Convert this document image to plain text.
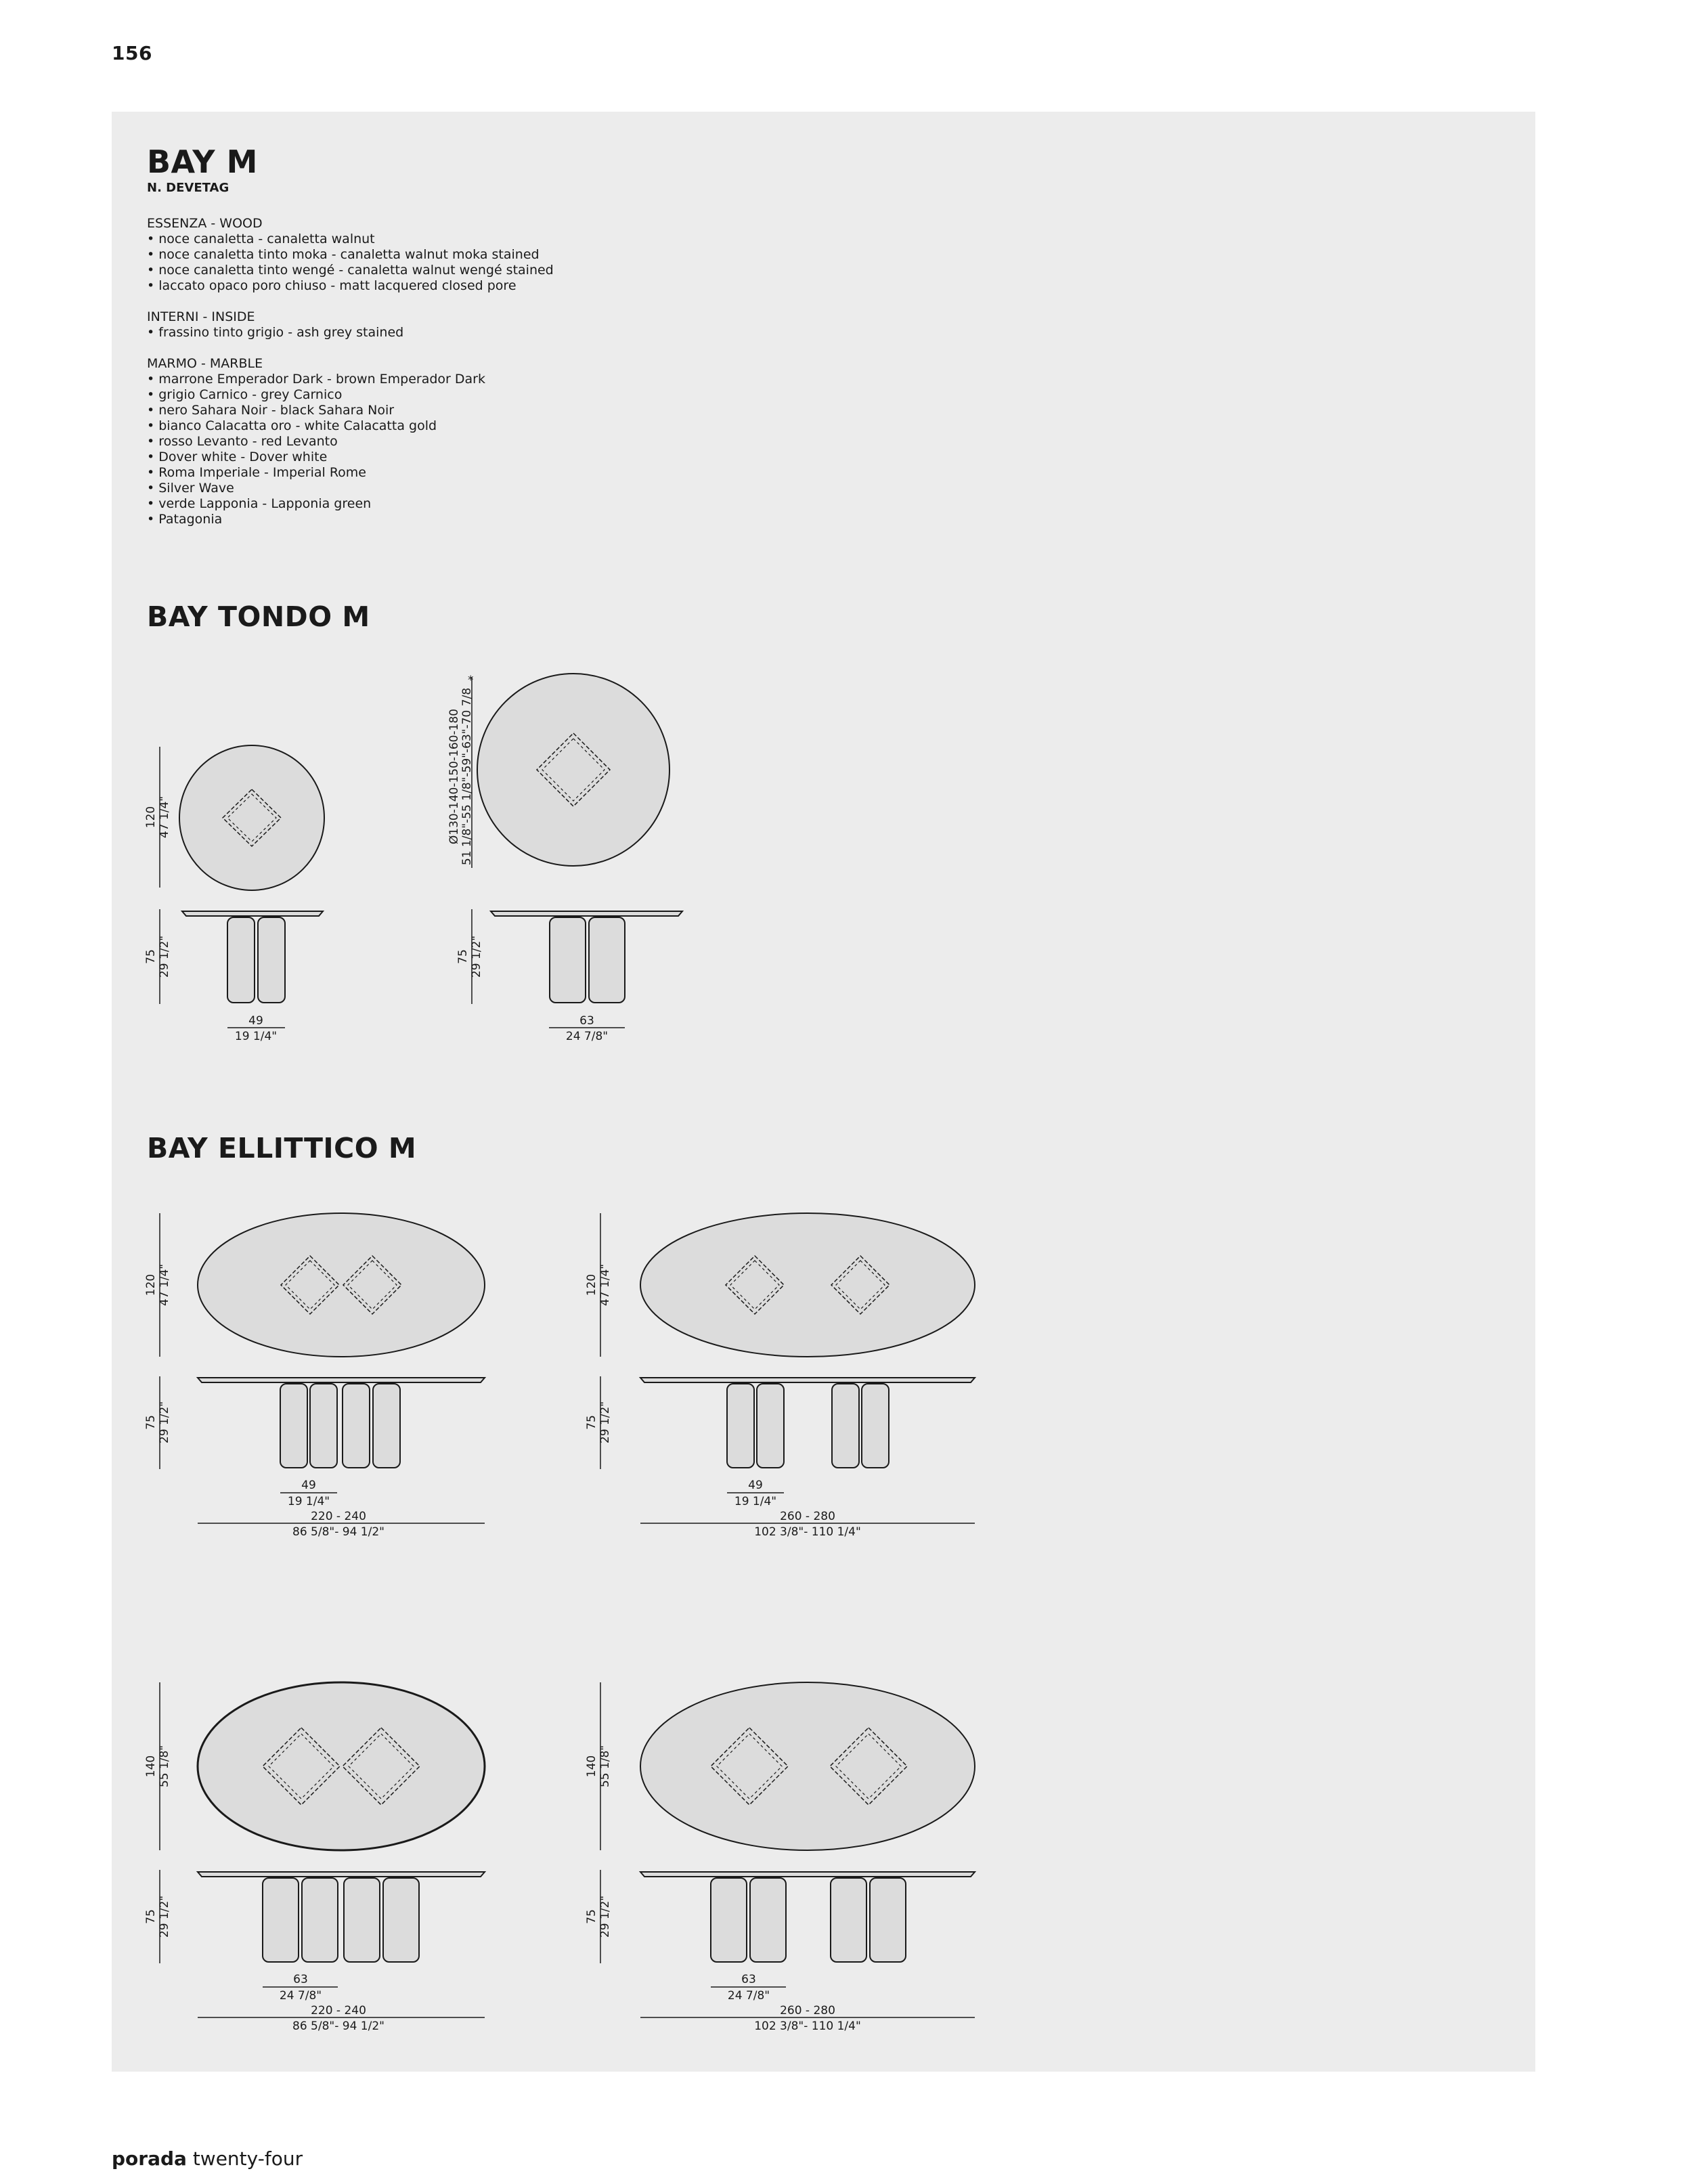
156
BAY M
N. DEVETAG
ESSENZA - WOOD
• noce canaletta - canaletta walnut
• noce canaletta tinto moka - canaletta walnut moka stained
• noce canaletta tinto wengé - canaletta walnut wengé stained
• laccato opaco poro chiuso - matt lacquered closed pore
INTERNI - INSIDE
• frassino tinto grigio - ash grey stained
MARMO - MARBLE
• marrone Emperador Dark - brown Emperador Dark
• grigio Carnico - grey Carnico
• nero Sahara Noir - black Sahara Noir
• bianco Calacatta oro - white Calacatta gold
• rosso Levanto - red Levanto
• Dover white - Dover white
• Roma Imperiale - Imperial Rome
• Silver Wave
• verde Lapponia - Lapponia green
• Patagonia
BAY TONDO M
BAY ELLITTICO M
120 47 1/4"
75 29 1/2"
49
19 1/4"
Ø130-140-150-160-180 51 1/8"-55 1/8"-59"-63"-70 7/8
*
75 29 1/2"
63
24 7/8"
120 47 1/4"
75 29 1/2"
49
19 1/4"
220 - 240
86 5/8"- 94 1/2"
120 47 1/4"
75 29 1/2"
49
19 1/4"
260 - 280
102 3/8"- 110 1/4"
140 55 1/8"
75 29 1/2"
63
24 7/8"
220 - 240
86 5/8"- 94 1/2"
140 55 1/8"
75 29 1/2"
63
24 7/8"
260 - 280
102 3/8"- 110 1/4"
porada twenty-four
